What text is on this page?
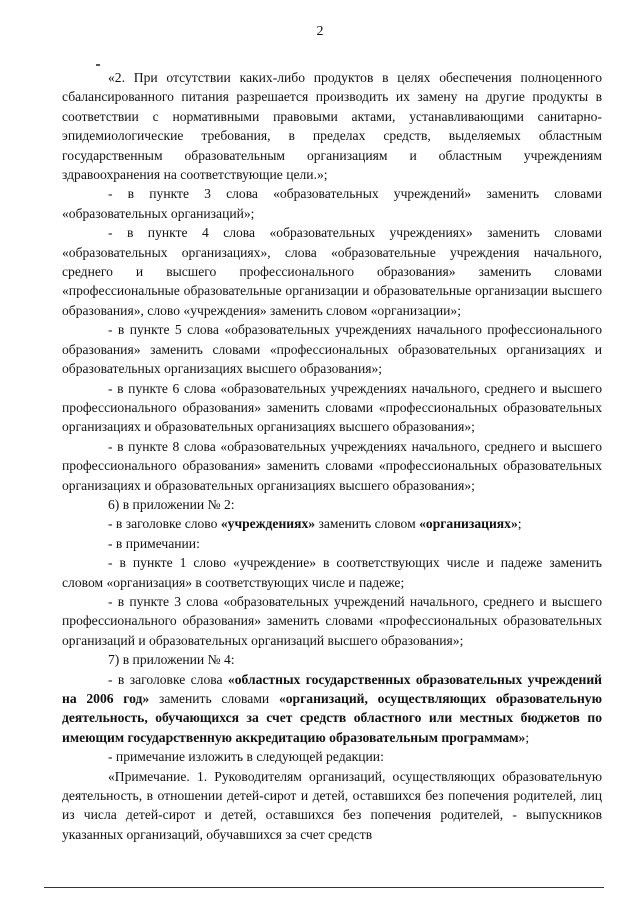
2

«2. При отсутствии каких-либо продуктов в целях обеспечения полноценного сбалансированного питания разрешается производить их замену на другие продукты в соответствии с нормативными правовыми актами, устанавливающими санитарно-эпидемиологические требования, в пределах средств, выделяемых областным государственным образовательным организациям и областным учреждениям здравоохранения на соответствующие цели.»;

- в пункте 3 слова «образовательных учреждений» заменить словами «образовательных организаций»;

- в пункте 4 слова «образовательных учреждениях» заменить словами «образовательных организациях», слова «образовательные учреждения начального, среднего и высшего профессионального образования» заменить словами «профессиональные образовательные организации и образовательные организации высшего образования», слово «учреждения» заменить словом «организации»;

- в пункте 5 слова «образовательных учреждениях начального профессионального образования» заменить словами «профессиональных образовательных организациях и образовательных организациях высшего образования»;

- в пункте 6 слова «образовательных учреждениях начального, среднего и высшего профессионального образования» заменить словами «профессиональных образовательных организациях и образовательных организациях высшего образования»;

- в пункте 8 слова «образовательных учреждениях начального, среднего и высшего профессионального образования» заменить словами «профессиональных образовательных организациях и образовательных организациях высшего образования»;

6) в приложении № 2:

- в заголовке слово «учреждениях» заменить словом «организациях»;

- в примечании:

- в пункте 1 слово «учреждение» в соответствующих числе и падеже заменить словом «организация» в соответствующих числе и падеже;

- в пункте 3 слова «образовательных учреждений начального, среднего и высшего профессионального образования» заменить словами «профессиональных образовательных организаций и образовательных организаций высшего образования»;

7) в приложении № 4:

- в заголовке слова «областных государственных образовательных учреждений на 2006 год» заменить словами «организаций, осуществляющих образовательную деятельность, обучающихся за счет средств областного или местных бюджетов по имеющим государственную аккредитацию образовательным программам»;

- примечание изложить в следующей редакции:

«Примечание. 1. Руководителям организаций, осуществляющих образовательную деятельность, в отношении детей-сирот и детей, оставшихся без попечения родителей, лиц из числа детей-сирот и детей, оставшихся без попечения родителей, - выпускников указанных организаций, обучавшихся за счет средств
